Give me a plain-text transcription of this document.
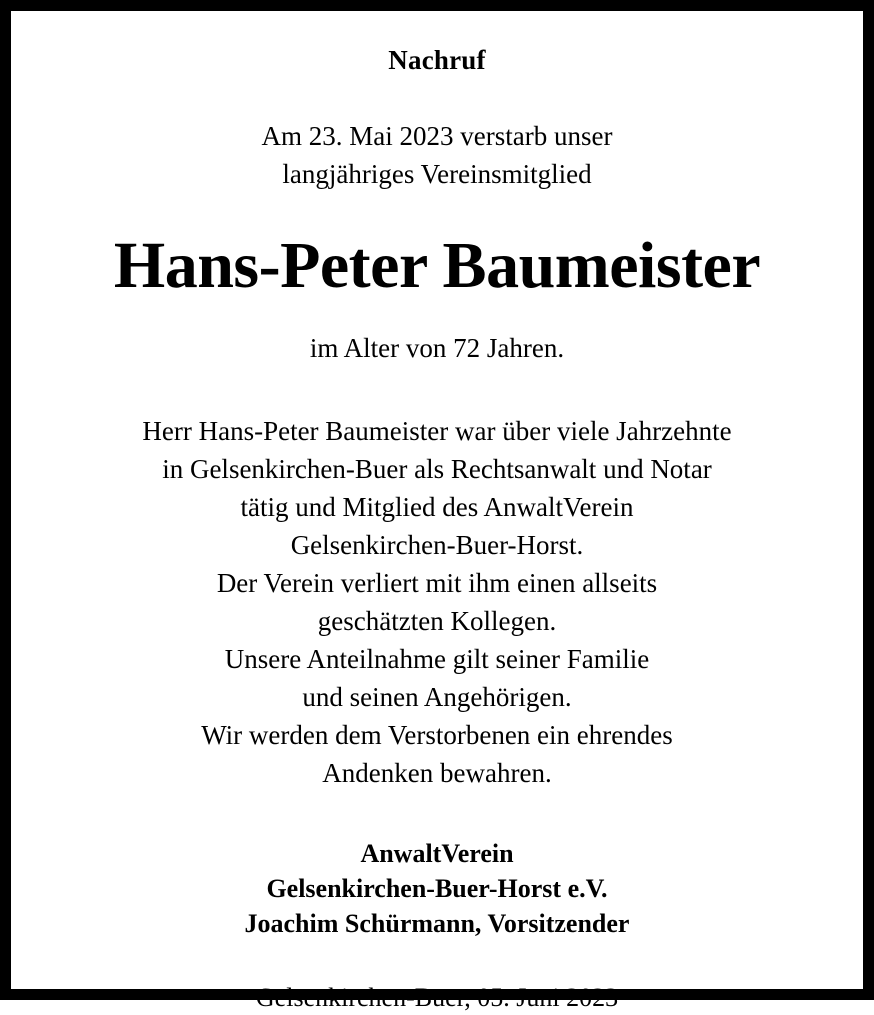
Nachruf
Am 23. Mai 2023 verstarb unser
langjähriges Vereinsmitglied
Hans-Peter Baumeister
im Alter von 72 Jahren.
Herr Hans-Peter Baumeister war über viele Jahrzehnte
in Gelsenkirchen-Buer als Rechtsanwalt und Notar
tätig und Mitglied des AnwaltVerein
Gelsenkirchen-Buer-Horst.
Der Verein verliert mit ihm einen allseits
geschätzten Kollegen.
Unsere Anteilnahme gilt seiner Familie
und seinen Angehörigen.
Wir werden dem Verstorbenen ein ehrendes
Andenken bewahren.
AnwaltVerein
Gelsenkirchen-Buer-Horst e.V.
Joachim Schürmann, Vorsitzender
Gelsenkirchen-Buer, 05. Juni 2023
